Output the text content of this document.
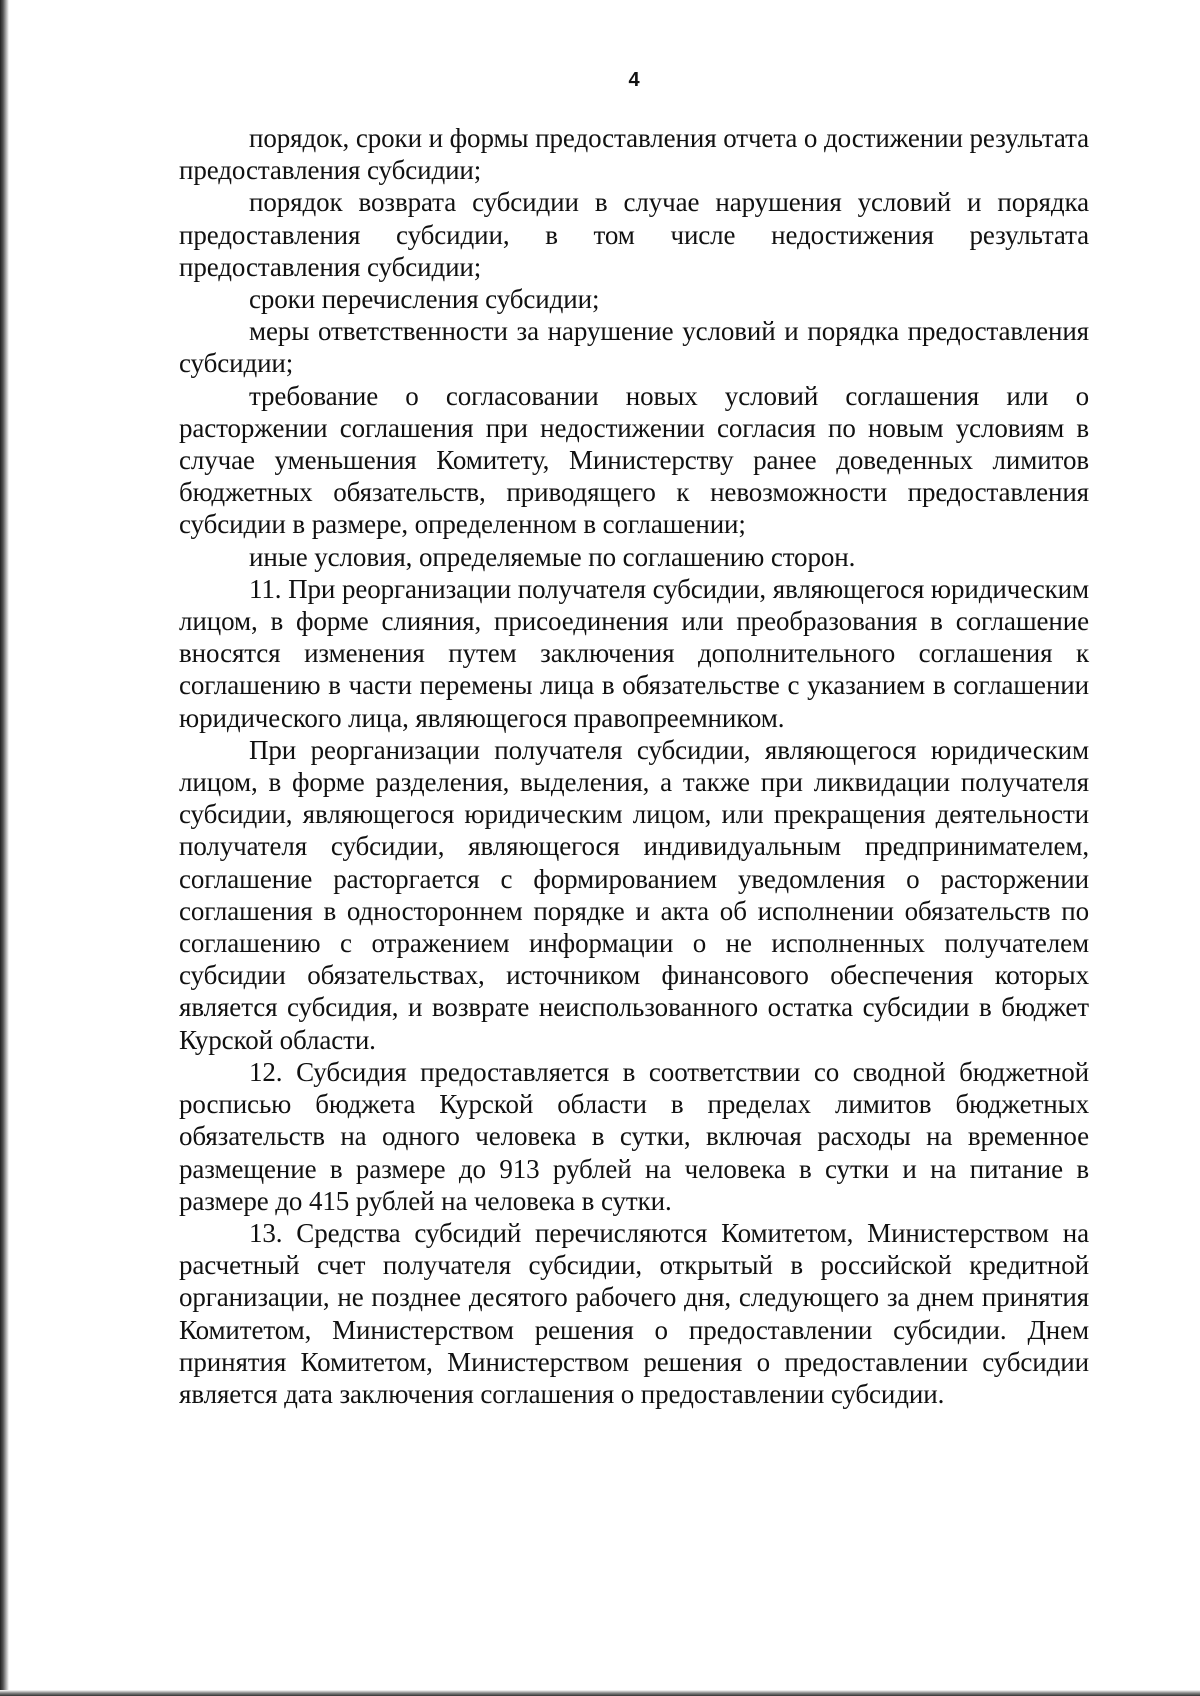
4

порядок, сроки и формы предоставления отчета о достижении результата предоставления субсидии;

порядок возврата субсидии в случае нарушения условий и порядка предоставления субсидии, в том числе недостижения результата предоставления субсидии;

сроки перечисления субсидии;

меры ответственности за нарушение условий и порядка предоставления субсидии;

требование о согласовании новых условий соглашения или о расторжении соглашения при недостижении согласия по новым условиям в случае уменьшения Комитету, Министерству ранее доведенных лимитов бюджетных обязательств, приводящего к невозможности предоставления субсидии в размере, определенном в соглашении;

иные условия, определяемые по соглашению сторон.

11. При реорганизации получателя субсидии, являющегося юридическим лицом, в форме слияния, присоединения или преобразования в соглашение вносятся изменения путем заключения дополнительного соглашения к соглашению в части перемены лица в обязательстве с указанием в соглашении юридического лица, являющегося правопреемником.

При реорганизации получателя субсидии, являющегося юридическим лицом, в форме разделения, выделения, а также при ликвидации получателя субсидии, являющегося юридическим лицом, или прекращения деятельности получателя субсидии, являющегося индивидуальным предпринимателем, соглашение расторгается с формированием уведомления о расторжении соглашения в одностороннем порядке и акта об исполнении обязательств по соглашению с отражением информации о не исполненных получателем субсидии обязательствах, источником финансового обеспечения которых является субсидия, и возврате неиспользованного остатка субсидии в бюджет Курской области.

12. Субсидия предоставляется в соответствии со сводной бюджетной росписью бюджета Курской области в пределах лимитов бюджетных обязательств на одного человека в сутки, включая расходы на временное размещение в размере до 913 рублей на человека в сутки и на питание в размере до 415 рублей на человека в сутки.

13. Средства субсидий перечисляются Комитетом, Министерством на расчетный счет получателя субсидии, открытый в российской кредитной организации, не позднее десятого рабочего дня, следующего за днем принятия Комитетом, Министерством решения о предоставлении субсидии. Днем принятия Комитетом, Министерством решения о предоставлении субсидии является дата заключения соглашения о предоставлении субсидии.
